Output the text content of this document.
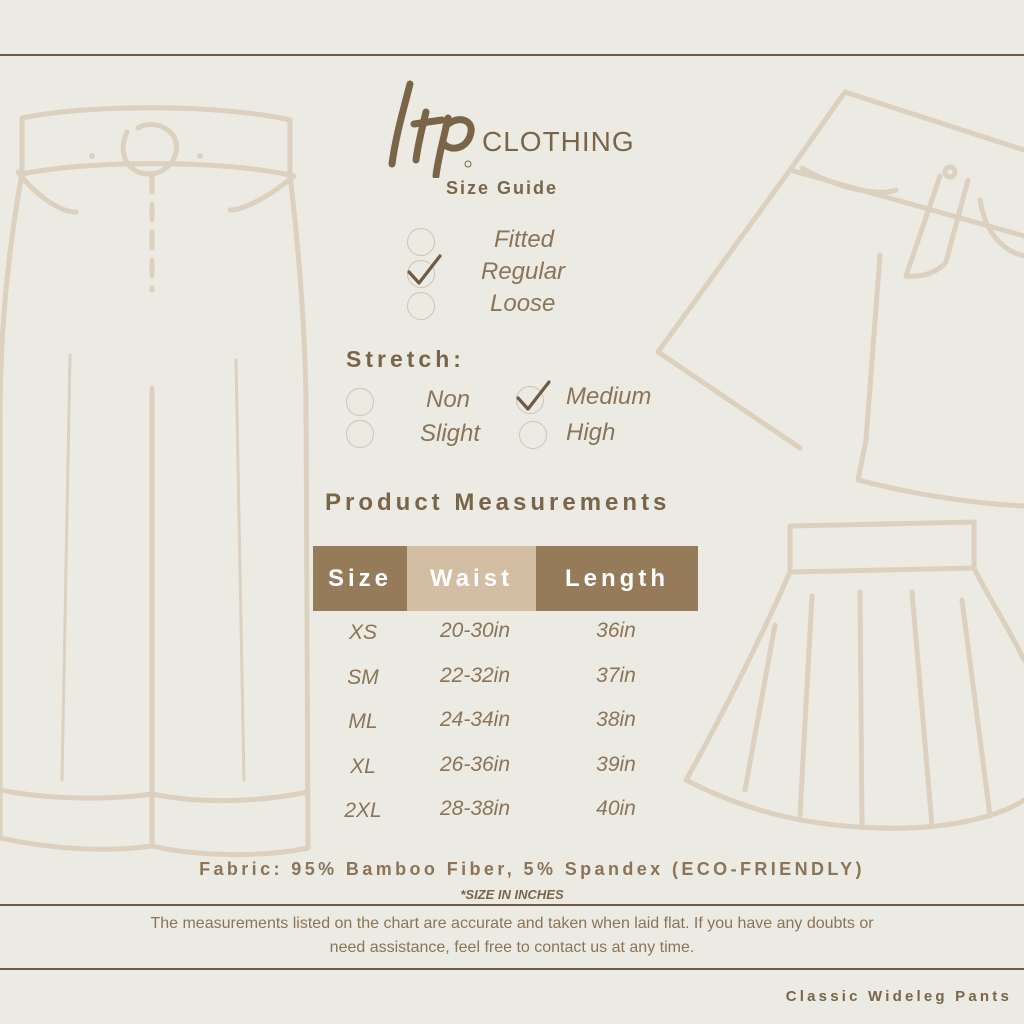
CLOTHING
Size Guide
Fitted
Regular
Loose
Stretch:
Non
Slight
Medium
High
Product Measurements
Size	Waist	Length
XS	20-30in	36in
SM	22-32in	37in
ML	24-34in	38in
XL	26-36in	39in
2XL	28-38in	40in
Fabric: 95% Bamboo Fiber, 5% Spandex (ECO-FRIENDLY)
*SIZE IN INCHES
The measurements listed on the chart are accurate and taken when laid flat. If you have any doubts or need assistance, feel free to contact us at any time.
Classic Wideleg Pants
